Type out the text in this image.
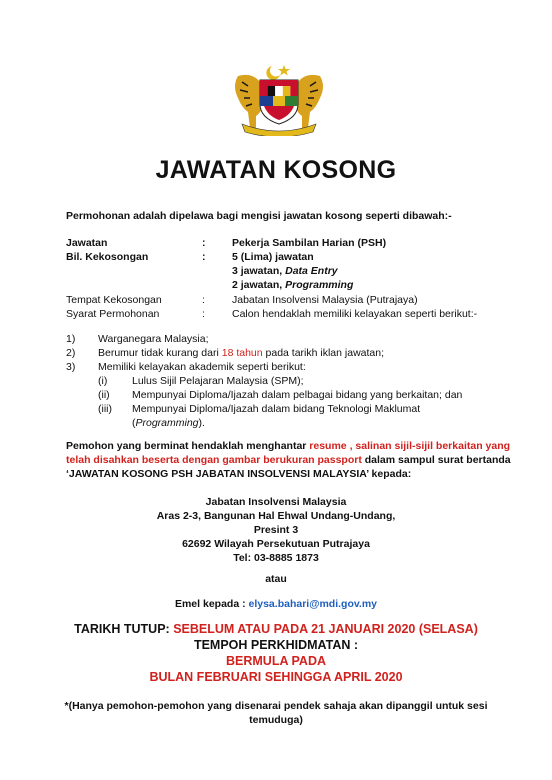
JAWATAN KOSONG
Permohonan adalah dipelawa bagi mengisi jawatan kosong seperti dibawah:-
Jawatan	:	Pekerja Sambilan Harian (PSH)
Bil. Kekosongan	:	5 (Lima) jawatan
3 jawatan, Data Entry
2 jawatan, Programming
Tempat Kekosongan	:	Jabatan Insolvensi Malaysia (Putrajaya)
Syarat Permohonan	:	Calon hendaklah memiliki kelayakan seperti berikut:-
1) Warganegara Malaysia;
2) Berumur tidak kurang dari 18 tahun pada tarikh iklan jawatan;
3) Memiliki kelayakan akademik seperti berikut:
(i) Lulus Sijil Pelajaran Malaysia (SPM);
(ii) Mempunyai Diploma/Ijazah dalam pelbagai bidang yang berkaitan; dan
(iii) Mempunyai Diploma/Ijazah dalam bidang Teknologi Maklumat
(Programming).
Pemohon yang berminat hendaklah menghantar resume , salinan sijil-sijil berkaitan yang
telah disahkan beserta dengan gambar berukuran passport dalam sampul surat bertanda
‘JAWATAN KOSONG PSH JABATAN INSOLVENSI MALAYSIA’ kepada:
Jabatan Insolvensi Malaysia
Aras 2-3, Bangunan Hal Ehwal Undang-Undang,
Presint 3
62692 Wilayah Persekutuan Putrajaya
Tel: 03-8885 1873
atau
Emel kepada : elysa.bahari@mdi.gov.my
TARIKH TUTUP: SEBELUM ATAU PADA 21 JANUARI 2020 (SELASA)
TEMPOH PERKHIDMATAN :
BERMULA PADA
BULAN FEBRUARI SEHINGGA APRIL 2020
*(Hanya pemohon-pemohon yang disenarai pendek sahaja akan dipanggil untuk sesi
temuduga)
